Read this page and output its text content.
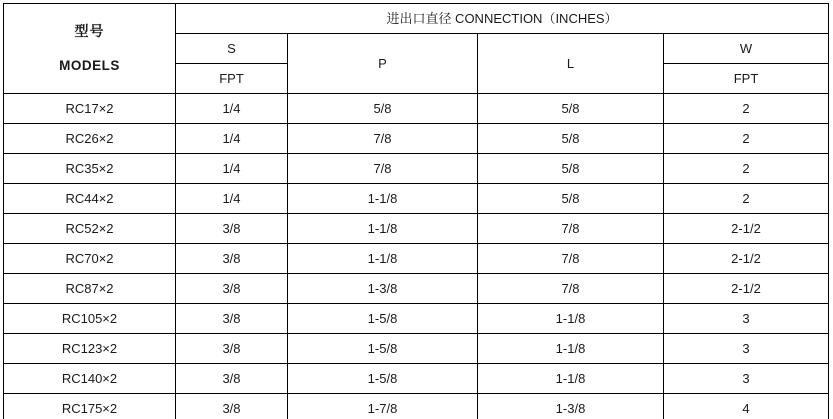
型号
MODELS	进出口直径 CONNECTION（INCHES）			
	S	P	L	W
	FPT			FPT
RC17×2	1/4	5/8	5/8	2
RC26×2	1/4	7/8	5/8	2
RC35×2	1/4	7/8	5/8	2
RC44×2	1/4	1-1/8	5/8	2
RC52×2	3/8	1-1/8	7/8	2-1/2
RC70×2	3/8	1-1/8	7/8	2-1/2
RC87×2	3/8	1-3/8	7/8	2-1/2
RC105×2	3/8	1-5/8	1-1/8	3
RC123×2	3/8	1-5/8	1-1/8	3
RC140×2	3/8	1-5/8	1-1/8	3
RC175×2	3/8	1-7/8	1-3/8	4
